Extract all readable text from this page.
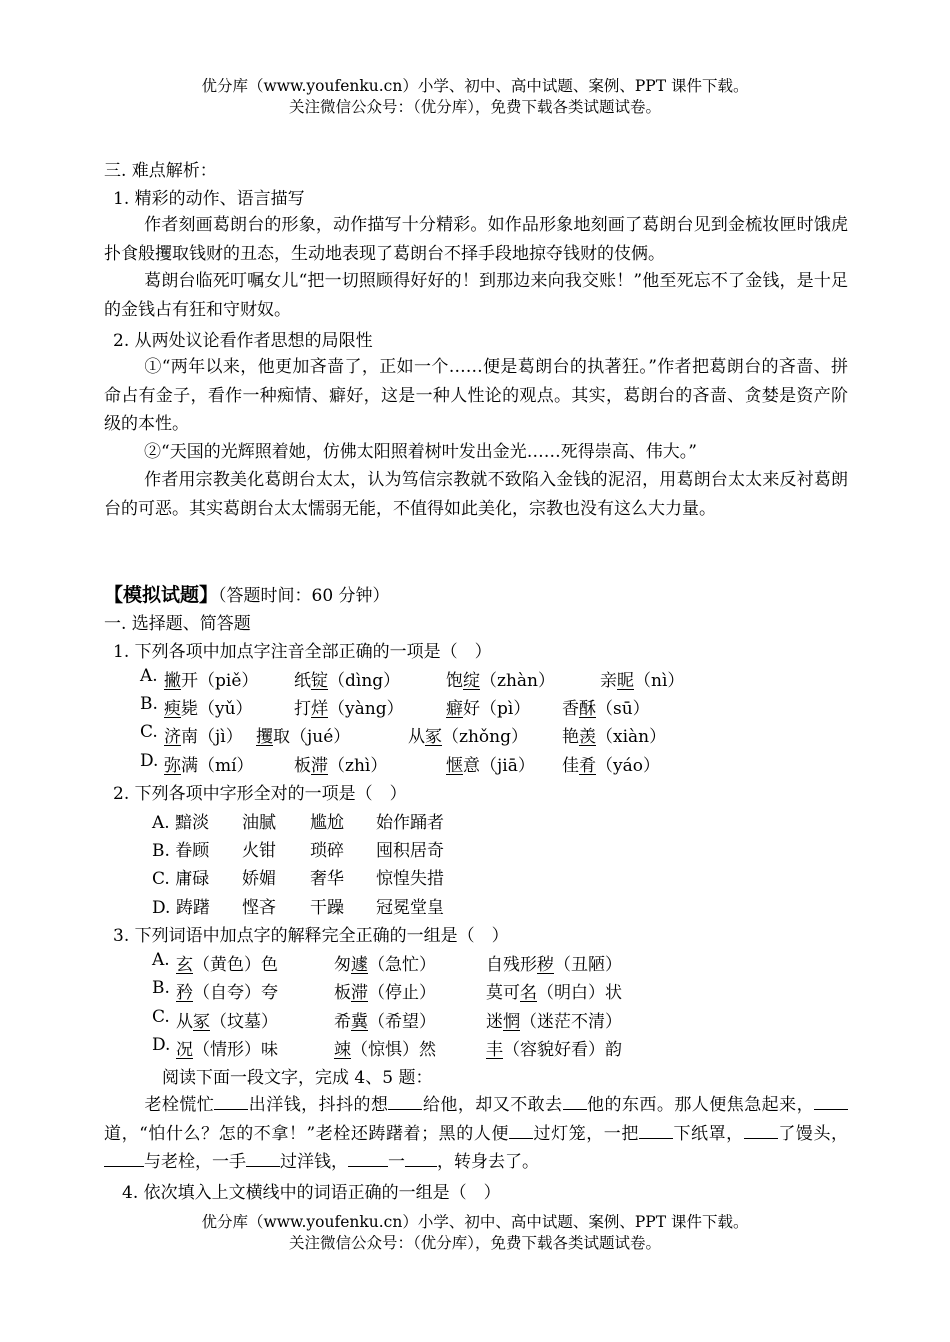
优分库（www.youfenku.cn）小学、初中、高中试题、案例、PPT 课件下载。
关注微信公众号：（优分库），免费下载各类试题试卷。
三. 难点解析：
1. 精彩的动作、语言描写
作者刻画葛朗台的形象，动作描写十分精彩。如作品形象地刻画了葛朗台见到金梳妆匣时饿虎扑食般攫取钱财的丑态，生动地表现了葛朗台不择手段地掠夺钱财的伎俩。
葛朗台临死叮嘱女儿“把一切照顾得好好的！到那边来向我交账！”他至死忘不了金钱，是十足的金钱占有狂和守财奴。
2. 从两处议论看作者思想的局限性
①“两年以来，他更加吝啬了，正如一个……便是葛朗台的执著狂。”作者把葛朗台的吝啬、拼命占有金子，看作一种痴情、癖好，这是一种人性论的观点。其实，葛朗台的吝啬、贪婪是资产阶级的本性。
②“天国的光辉照着她，仿佛太阳照着树叶发出金光……死得崇高、伟大。”
作者用宗教美化葛朗台太太，认为笃信宗教就不致陷入金钱的泥沼，用葛朗台太太来反衬葛朗台的可恶。其实葛朗台太太懦弱无能，不值得如此美化，宗教也没有这么大力量。
【模拟试题】（答题时间：60 分钟）
一. 选择题、简答题
1. 下列各项中加点字注音全部正确的一项是（　）
A. 撇开（piě） 纸锭（dìng）	饱绽（zhàn）	亲昵（nì）
B. 瘐毙（yǔ） 打烊（yàng） 癖好（pì） 香酥（sū）
C. 济南（jì） 攫取（jué）	从冢（zhǒng） 艳羡（xiàn）
D. 弥满（mí） 板滞（zhì）	惬意（jiā） 佳肴（yáo）
2. 下列各项中字形全对的一项是（　）
A. 黯淡 油腻 尴尬 始作踊者
B. 眷顾 火钳 琐碎 囤积居奇
C. 庸碌 娇媚 奢华 惊惶失措
D. 踌躇 悭吝 干躁 冠冕堂皇
3. 下列词语中加点字的解释完全正确的一组是（　）
A. 玄（黄色）色	匆遽（急忙）	自残形秽（丑陋）
B. 矜（自夸）夸	板滞（停止）	莫可名（明白）状
C. 从冢（坟墓）	希冀（希望）	迷惘（迷茫不清）
D. 况（情形）味	竦（惊惧）然	丰（容貌好看）韵
阅读下面一段文字，完成 4、5 题：
老栓慌忙 出洋钱，抖抖的想 给他，却又不敢去 他的东西。那人便焦急起来，道，“怕什么？怎的不拿！”老栓还踌躇着；黑的人便 过灯笼，一把 下纸罩， 了馒头，与老栓，一手 过洋钱， 一 ，转身去了。
4. 依次填入上文横线中的词语正确的一组是（　）
优分库（www.youfenku.cn）小学、初中、高中试题、案例、PPT 课件下载。
关注微信公众号：（优分库），免费下载各类试题试卷。
